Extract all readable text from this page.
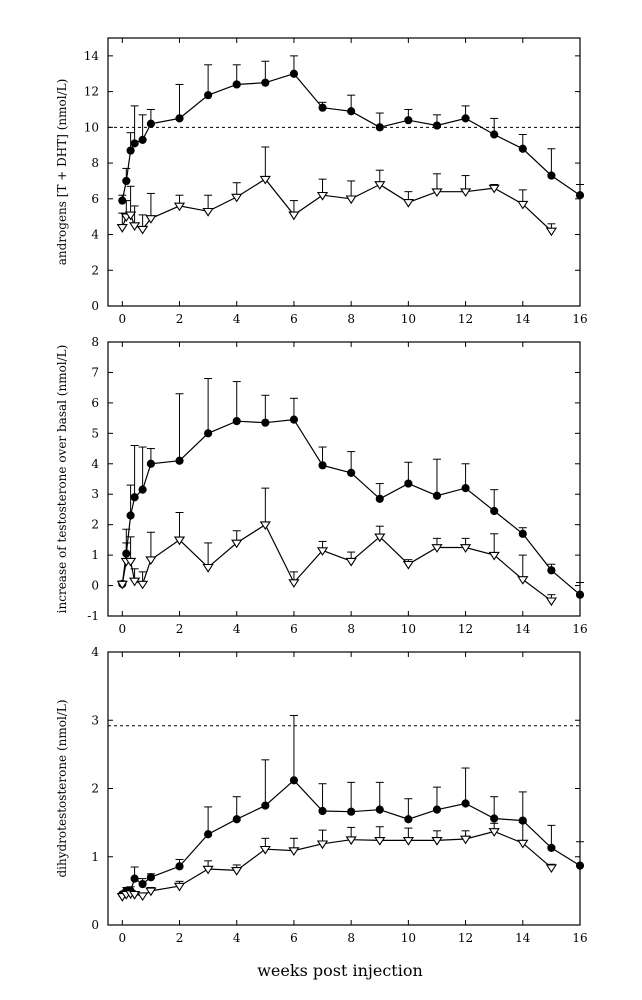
0	2	4	6	8	10	12	14	16
0
2
4
6
8
10
12
14
androgens [T + DHT] (nmol/L)
0	2	4	6	8	10	12	14	16
-1
0
1
2
3
4
5
6
7
8
increase of testosterone over basal (nmol/L)
0	2	4	6	8	10	12	14	16
0
1
2
3
4
dihydrotestosterone (nmol/L)
weeks post injection
